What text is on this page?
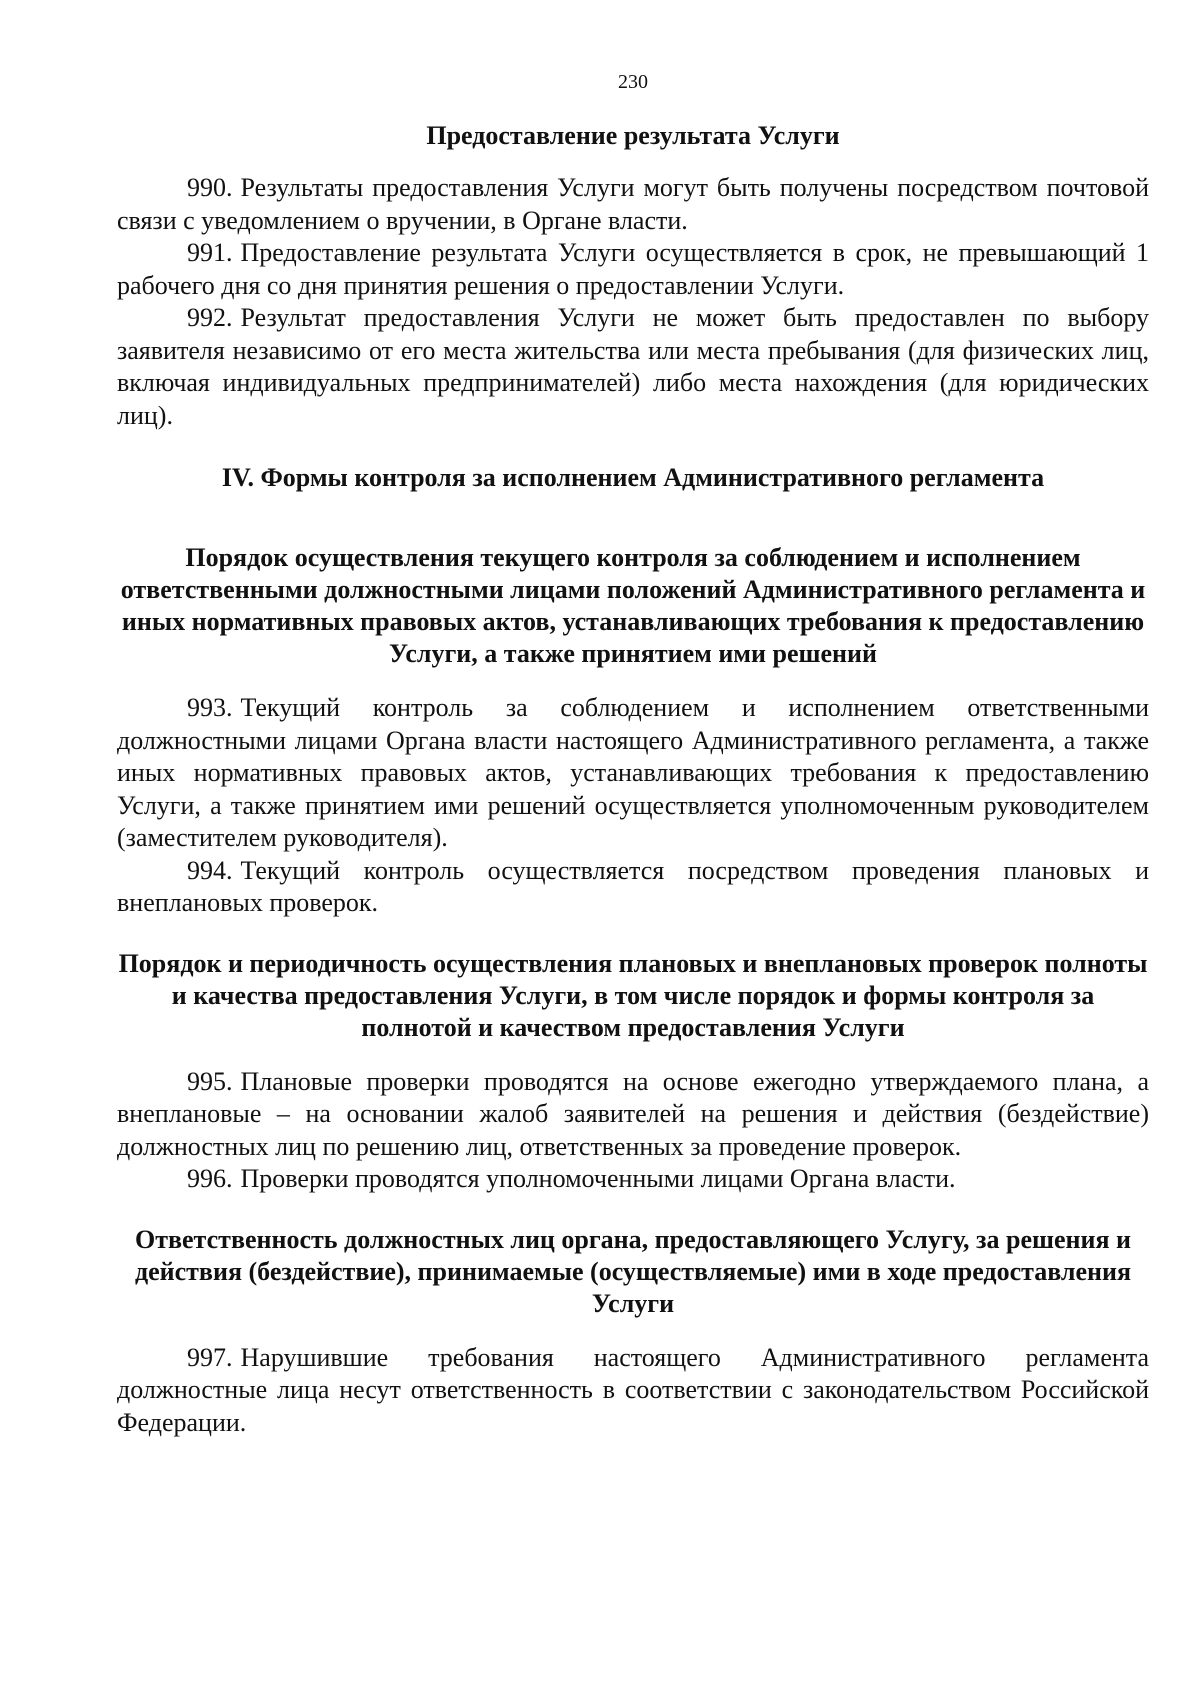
230
Предоставление результата Услуги

990. Результаты предоставления Услуги могут быть получены посредством почтовой связи с уведомлением о вручении, в Органе власти.

991. Предоставление результата Услуги осуществляется в срок, не превышающий 1 рабочего дня со дня принятия решения о предоставлении Услуги.

992. Результат предоставления Услуги не может быть предоставлен по выбору заявителя независимо от его места жительства или места пребывания (для физических лиц, включая индивидуальных предпринимателей) либо места нахождения (для юридических лиц).

IV. Формы контроля за исполнением Административного регламента
Порядок осуществления текущего контроля за соблюдением и исполнением ответственными должностными лицами положений Административного регламента и иных нормативных правовых актов, устанавливающих требования к предоставлению Услуги, а также принятием ими решений

993. Текущий контроль за соблюдением и исполнением ответственными должностными лицами Органа власти настоящего Административного регламента, а также иных нормативных правовых актов, устанавливающих требования к предоставлению Услуги, а также принятием ими решений осуществляется уполномоченным руководителем (заместителем руководителя).

994. Текущий контроль осуществляется посредством проведения плановых и внеплановых проверок.

Порядок и периодичность осуществления плановых и внеплановых проверок полноты и качества предоставления Услуги, в том числе порядок и формы контроля за полнотой и качеством предоставления Услуги

995. Плановые проверки проводятся на основе ежегодно утверждаемого плана, а внеплановые – на основании жалоб заявителей на решения и действия (бездействие) должностных лиц по решению лиц, ответственных за проведение проверок.

996. Проверки проводятся уполномоченными лицами Органа власти.

Ответственность должностных лиц органа, предоставляющего Услугу, за решения и действия (бездействие), принимаемые (осуществляемые) ими в ходе предоставления Услуги

997. Нарушившие требования настоящего Административного регламента должностные лица несут ответственность в соответствии с законодательством Российской Федерации.
